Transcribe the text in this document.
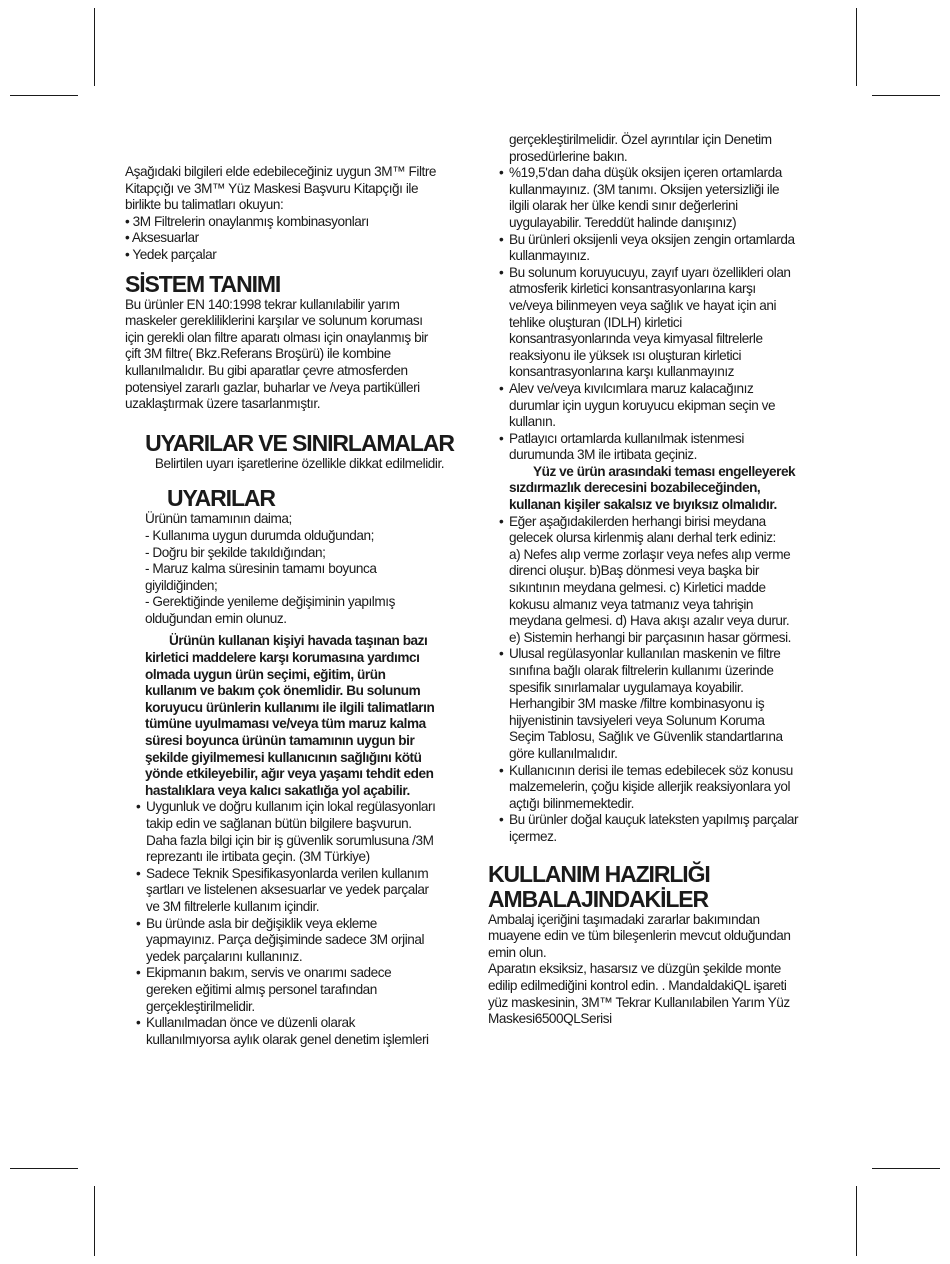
Aşağıdaki bilgileri elde edebileceğiniz uygun 3M™ Filtre
Kitapçığı ve 3M™ Yüz Maskesi Başvuru Kitapçığı ile
birlikte bu talimatları okuyun:
• 3M Filtrelerin onaylanmış kombinasyonları
• Aksesuarlar
• Yedek parçalar
SİSTEM TANIMI
Bu ürünler EN 140:1998 tekrar kullanılabilir yarım
maskeler gerekliliklerini karşılar ve solunum koruması
için gerekli olan filtre aparatı olması için onaylanmış bir
çift 3M filtre( Bkz.Referans Broşürü) ile kombine
kullanılmalıdır. Bu gibi aparatlar çevre atmosferden
potensiyel zararlı gazlar, buharlar ve /veya partikülleri
uzaklaştırmak üzere tasarlanmıştır.
UYARILAR VE SINIRLAMALAR
Belirtilen uyarı işaretlerine özellikle dikkat edilmelidir.
UYARILAR
Ürünün tamamının daima;
- Kullanıma uygun durumda olduğundan;
- Doğru bir şekilde takıldığından;
- Maruz kalma süresinin tamamı boyunca
giyildiğinden;
- Gerektiğinde yenileme değişiminin yapılmış
olduğundan emin olunuz.
Ürünün kullanan kişiyi havada taşınan bazı
kirletici maddelere karşı korumasına yardımcı
olmada uygun ürün seçimi, eğitim, ürün
kullanım ve bakım çok önemlidir. Bu solunum
koruyucu ürünlerin kullanımı ile ilgili talimatların
tümüne uyulmaması ve/veya tüm maruz kalma
süresi boyunca ürünün tamamının uygun bir
şekilde giyilmemesi kullanıcının sağlığını kötü
yönde etkileyebilir, ağır veya yaşamı tehdit eden
hastalıklara veya kalıcı sakatlığa yol açabilir.
• Uygunluk ve doğru kullanım için lokal regülasyonları
takip edin ve sağlanan bütün bilgilere başvurun.
Daha fazla bilgi için bir iş güvenlik sorumlusuna /3M
reprezantı ile irtibata geçin. (3M Türkiye)
• Sadece Teknik Spesifikasyonlarda verilen kullanım
şartları ve listelenen aksesuarlar ve yedek parçalar
ve 3M filtrelerle kullanım içindir.
• Bu üründe asla bir değişiklik veya ekleme
yapmayınız. Parça değişiminde sadece 3M orjinal
yedek parçalarını kullanınız.
• Ekipmanın bakım, servis ve onarımı sadece
gereken eğitimi almış personel tarafından
gerçekleştirilmelidir.
• Kullanılmadan önce ve düzenli olarak
kullanılmıyorsa aylık olarak genel denetim işlemleri
gerçekleştirilmelidir. Özel ayrıntılar için Denetim
prosedürlerine bakın.
• %19,5'dan daha düşük oksijen içeren ortamlarda
kullanmayınız. (3M tanımı. Oksijen yetersizliği ile
ilgili olarak her ülke kendi sınır değerlerini
uygulayabilir. Tereddüt halinde danışınız)
• Bu ürünleri oksijenli veya oksijen zengin ortamlarda
kullanmayınız.
• Bu solunum koruyucuyu, zayıf uyarı özellikleri olan
atmosferik kirletici konsantrasyonlarına karşı
ve/veya bilinmeyen veya sağlık ve hayat için ani
tehlike oluşturan (IDLH) kirletici
konsantrasyonlarında veya kimyasal filtrelerle
reaksiyonu ile yüksek ısı oluşturan kirletici
konsantrasyonlarına karşı kullanmayınız
• Alev ve/veya kıvılcımlara maruz kalacağınız
durumlar için uygun koruyucu ekipman seçin ve
kullanın.
• Patlayıcı ortamlarda kullanılmak istenmesi
durumunda 3M ile irtibata geçiniz.
Yüz ve ürün arasındaki teması engelleyerek
sızdırmazlık derecesini bozabileceğinden,
kullanan kişiler sakalsız ve bıyıksız olmalıdır.
• Eğer aşağıdakilerden herhangi birisi meydana
gelecek olursa kirlenmiş alanı derhal terk ediniz:
a) Nefes alıp verme zorlaşır veya nefes alıp verme
direnci oluşur. b)Baş dönmesi veya başka bir
sıkıntının meydana gelmesi. c) Kirletici madde
kokusu almanız veya tatmanız veya tahrişin
meydana gelmesi. d) Hava akışı azalır veya durur.
e) Sistemin herhangi bir parçasının hasar görmesi.
• Ulusal regülasyonlar kullanılan maskenin ve filtre
sınıfına bağlı olarak filtrelerin kullanımı üzerinde
spesifik sınırlamalar uygulamaya koyabilir.
Herhangibir 3M maske /filtre kombinasyonu iş
hijyenistinin tavsiyeleri veya Solunum Koruma
Seçim Tablosu, Sağlık ve Güvenlik standartlarına
göre kullanılmalıdır.
• Kullanıcının derisi ile temas edebilecek söz konusu
malzemelerin, çoğu kişide allerjik reaksiyonlara yol
açtığı bilinmemektedir.
• Bu ürünler doğal kauçuk lateksten yapılmış parçalar
içermez.
KULLANIM HAZIRLIĞI
AMBALAJINDAKİLER
Ambalaj içeriğini taşımadaki zararlar bakımından
muayene edin ve tüm bileşenlerin mevcut olduğundan
emin olun.
Aparatın eksiksiz, hasarsız ve düzgün şekilde monte
edilip edilmediğini kontrol edin. . MandaldakiQL işareti
yüz maskesinin, 3M™ Tekrar Kullanılabilen Yarım Yüz
Maskesi6500QLSerisi
